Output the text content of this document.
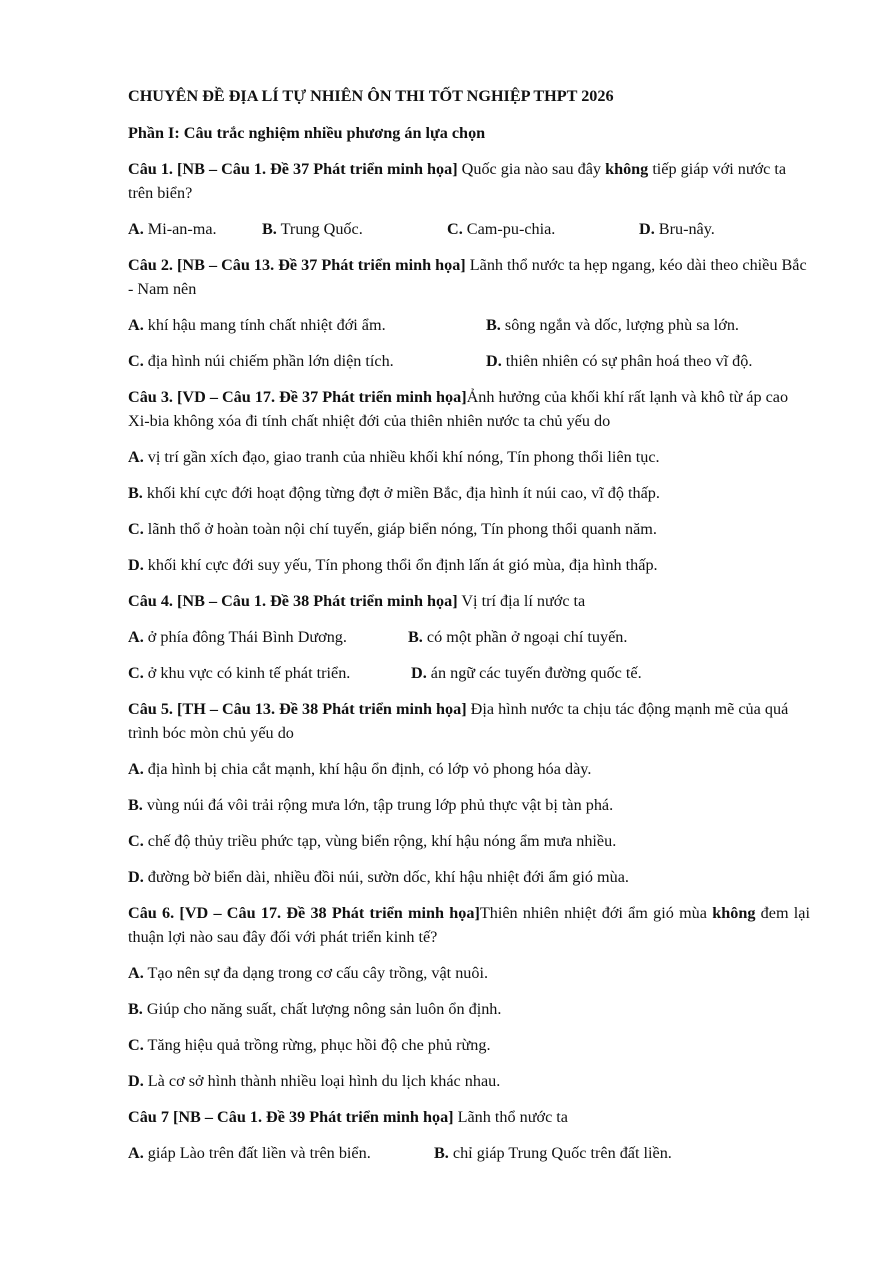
CHUYÊN ĐỀ ĐỊA LÍ TỰ NHIÊN ÔN THI TỐT NGHIỆP THPT 2026
Phần I: Câu trắc nghiệm nhiều phương án lựa chọn
Câu 1. [NB – Câu 1. Đề 37 Phát triển minh họa] Quốc gia nào sau đây không tiếp giáp với nước ta trên biển?
A. Mi-an-ma.	B. Trung Quốc.	C. Cam-pu-chia.	D. Bru-nây.
Câu 2. [NB – Câu 13. Đề 37 Phát triển minh họa] Lãnh thổ nước ta hẹp ngang, kéo dài theo chiều Bắc - Nam nên
A. khí hậu mang tính chất nhiệt đới ẩm.	B. sông ngắn và dốc, lượng phù sa lớn.
C. địa hình núi chiếm phần lớn diện tích.	D. thiên nhiên có sự phân hoá theo vĩ độ.
Câu 3. [VD – Câu 17. Đề 37 Phát triển minh họa]Ảnh hưởng của khối khí rất lạnh và khô từ áp cao Xi-bia không xóa đi tính chất nhiệt đới của thiên nhiên nước ta chủ yếu do
A. vị trí gần xích đạo, giao tranh của nhiều khối khí nóng, Tín phong thổi liên tục.
B. khối khí cực đới hoạt động từng đợt ở miền Bắc, địa hình ít núi cao, vĩ độ thấp.
C. lãnh thổ ở hoàn toàn nội chí tuyến, giáp biển nóng, Tín phong thổi quanh năm.
D. khối khí cực đới suy yếu, Tín phong thổi ổn định lấn át gió mùa, địa hình thấp.
Câu 4. [NB – Câu 1. Đề 38 Phát triển minh họa] Vị trí địa lí nước ta
A. ở phía đông Thái Bình Dương.	B. có một phần ở ngoại chí tuyến.
C. ở khu vực có kinh tế phát triển.	D. án ngữ các tuyến đường quốc tế.
Câu 5. [TH – Câu 13. Đề 38 Phát triển minh họa] Địa hình nước ta chịu tác động mạnh mẽ của quá trình bóc mòn chủ yếu do
A. địa hình bị chia cắt mạnh, khí hậu ổn định, có lớp vỏ phong hóa dày.
B. vùng núi đá vôi trải rộng mưa lớn, tập trung lớp phủ thực vật bị tàn phá.
C. chế độ thủy triều phức tạp, vùng biển rộng, khí hậu nóng ẩm mưa nhiều.
D. đường bờ biển dài, nhiều đồi núi, sườn dốc, khí hậu nhiệt đới ẩm gió mùa.
Câu 6. [VD – Câu 17. Đề 38 Phát triển minh họa]Thiên nhiên nhiệt đới ẩm gió mùa không đem lại thuận lợi nào sau đây đối với phát triển kinh tế?
A. Tạo nên sự đa dạng trong cơ cấu cây trồng, vật nuôi.
B. Giúp cho năng suất, chất lượng nông sản luôn ổn định.
C. Tăng hiệu quả trồng rừng, phục hồi độ che phủ rừng.
D. Là cơ sở hình thành nhiều loại hình du lịch khác nhau.
Câu 7 [NB – Câu 1. Đề 39 Phát triển minh họa] Lãnh thổ nước ta
A. giáp Lào trên đất liền và trên biển.	B. chỉ giáp Trung Quốc trên đất liền.
